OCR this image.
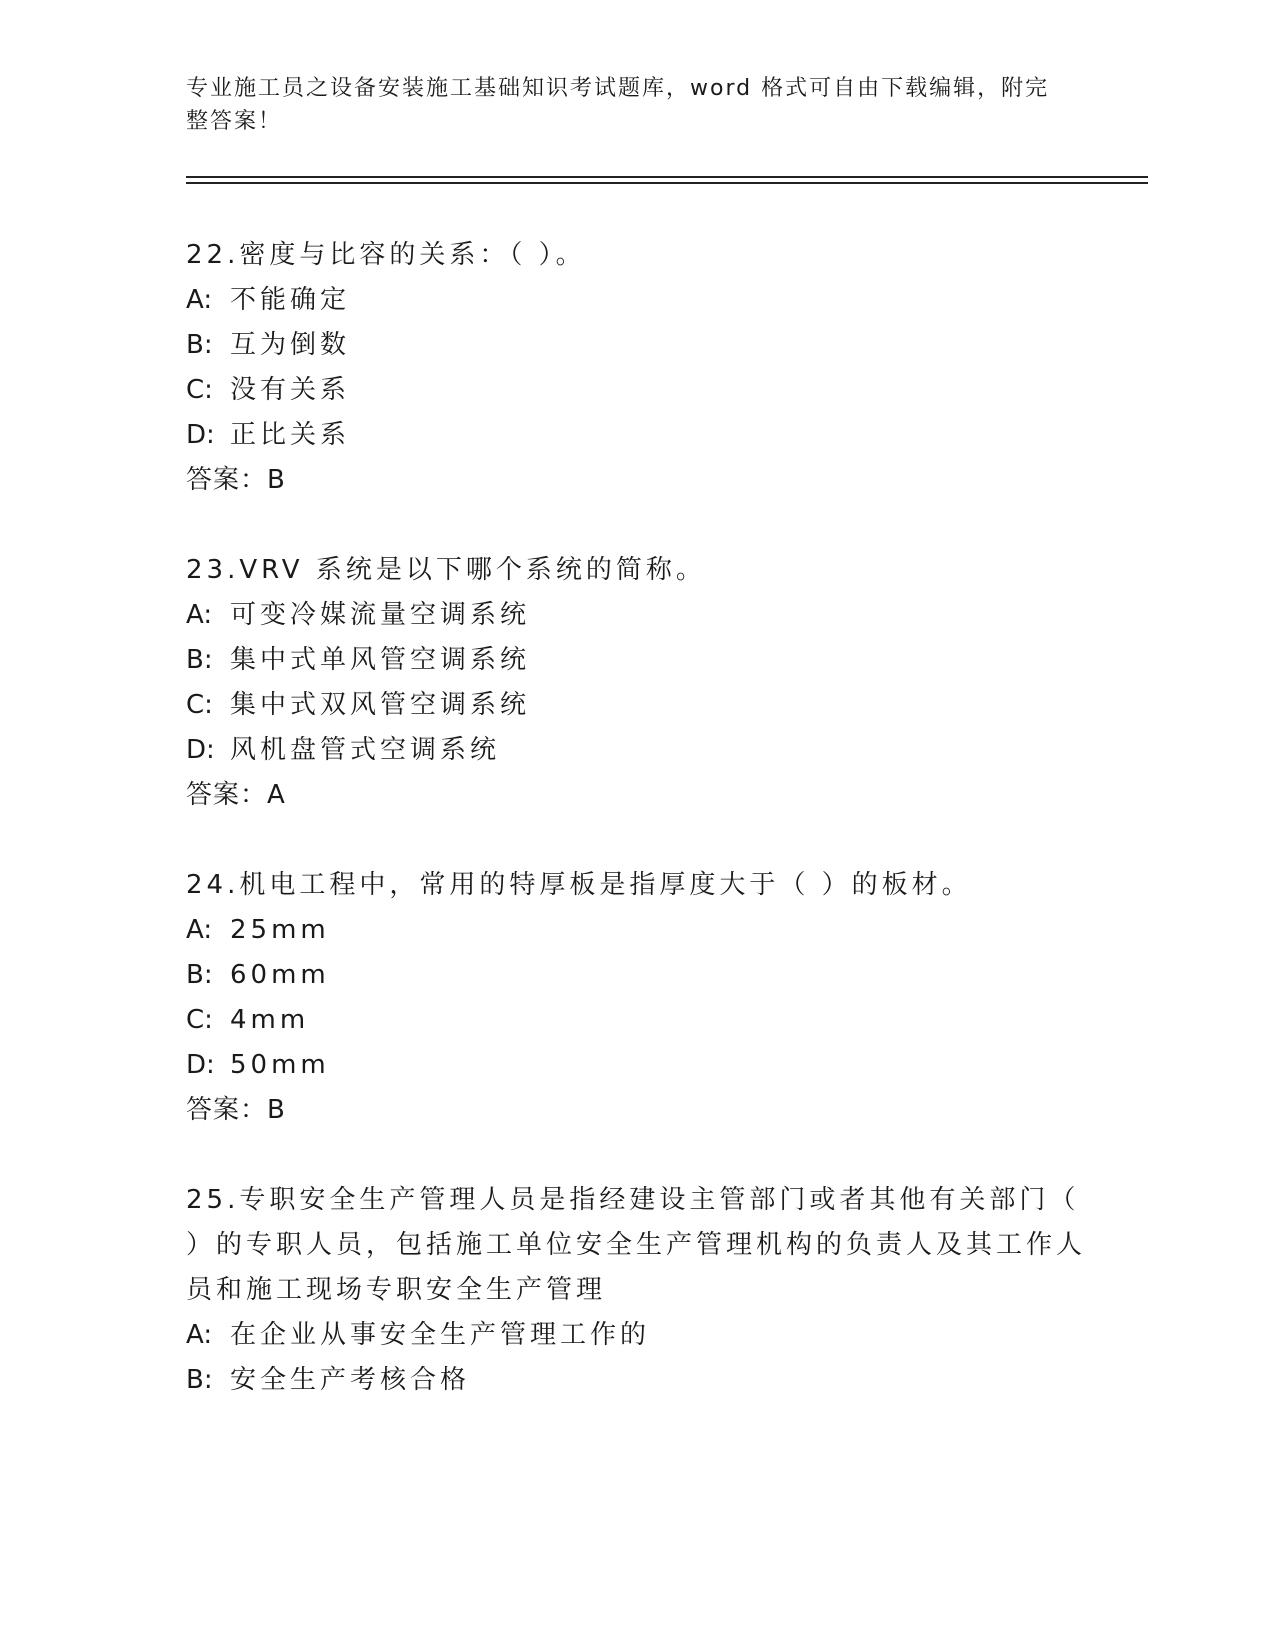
专业施工员之设备安装施工基础知识考试题库，word 格式可自由下载编辑，附完
整答案！
22.密度与比容的关系：（ ）。
A: 不能确定
B: 互为倒数
C: 没有关系
D: 正比关系
答案：B
23.VRV 系统是以下哪个系统的简称。
A: 可变冷媒流量空调系统
B: 集中式单风管空调系统
C: 集中式双风管空调系统
D: 风机盘管式空调系统
答案：A
24.机电工程中，常用的特厚板是指厚度大于（ ）的板材。
A: 25mm
B: 60mm
C: 4mm
D: 50mm
答案：B
25.专职安全生产管理人员是指经建设主管部门或者其他有关部门（
）的专职人员，包括施工单位安全生产管理机构的负责人及其工作人
员和施工现场专职安全生产管理
A: 在企业从事安全生产管理工作的
B: 安全生产考核合格
